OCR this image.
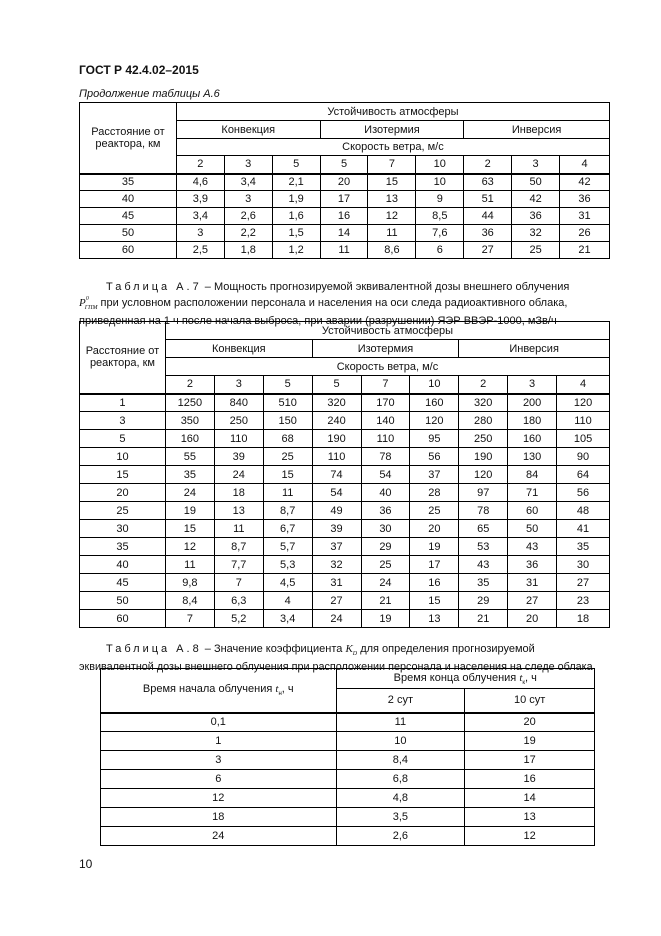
ГОСТ Р 42.4.02–2015
Продолжение таблицы А.6
Расстояние от реактора, км	Устойчивость атмосферы								
	Конвекция			Изотермия			Инверсия		
	Скорость ветра, м/с								
	2	3	5	5	7	10	2	3	4
35	4,6	3,4	2,1	20	15	10	63	50	42
40	3,9	3	1,9	17	13	9	51	42	36
45	3,4	2,6	1,6	16	12	8,5	44	36	31
50	3	2,2	1,5	14	11	7,6	36	32	26
60	2,5	1,8	1,2	11	8,6	6	27	25	21
Таблица А.7 – Мощность прогнозируемой эквивалентной дозы внешнего облучения
$P^0_{ГПМ}$ при условном расположении персонала и населения на оси следа радиоактивного облака,
приведенная на 1 ч после начала выброса, при аварии (разрушении) ЯЭР ВВЭР-1000, мЗв/ч
Расстояние от реактора, км	Устойчивость атмосферы								
	Конвекция			Изотермия			Инверсия		
	Скорость ветра, м/с								
	2	3	5	5	7	10	2	3	4
1	1250	840	510	320	170	160	320	200	120
3	350	250	150	240	140	120	280	180	110
5	160	110	68	190	110	95	250	160	105
10	55	39	25	110	78	56	190	130	90
15	35	24	15	74	54	37	120	84	64
20	24	18	11	54	40	28	97	71	56
25	19	13	8,7	49	36	25	78	60	48
30	15	11	6,7	39	30	20	65	50	41
35	12	8,7	5,7	37	29	19	53	43	35
40	11	7,7	5,3	32	25	17	43	36	30
45	9,8	7	4,5	31	24	16	35	31	27
50	8,4	6,3	4	27	21	15	29	27	23
60	7	5,2	3,4	24	19	13	21	20	18
Таблица А.8 – Значение коэффициента $K_D$ для определения прогнозируемой
эквивалентной дозы внешнего облучения при расположении персонала и населения на следе облака
Время начала облучения $t_н$, ч	Время конца облучения $t_к$, ч	
	2 сут	10 сут
0,1	11	20
1	10	19
3	8,4	17
6	6,8	16
12	4,8	14
18	3,5	13
24	2,6	12
10
